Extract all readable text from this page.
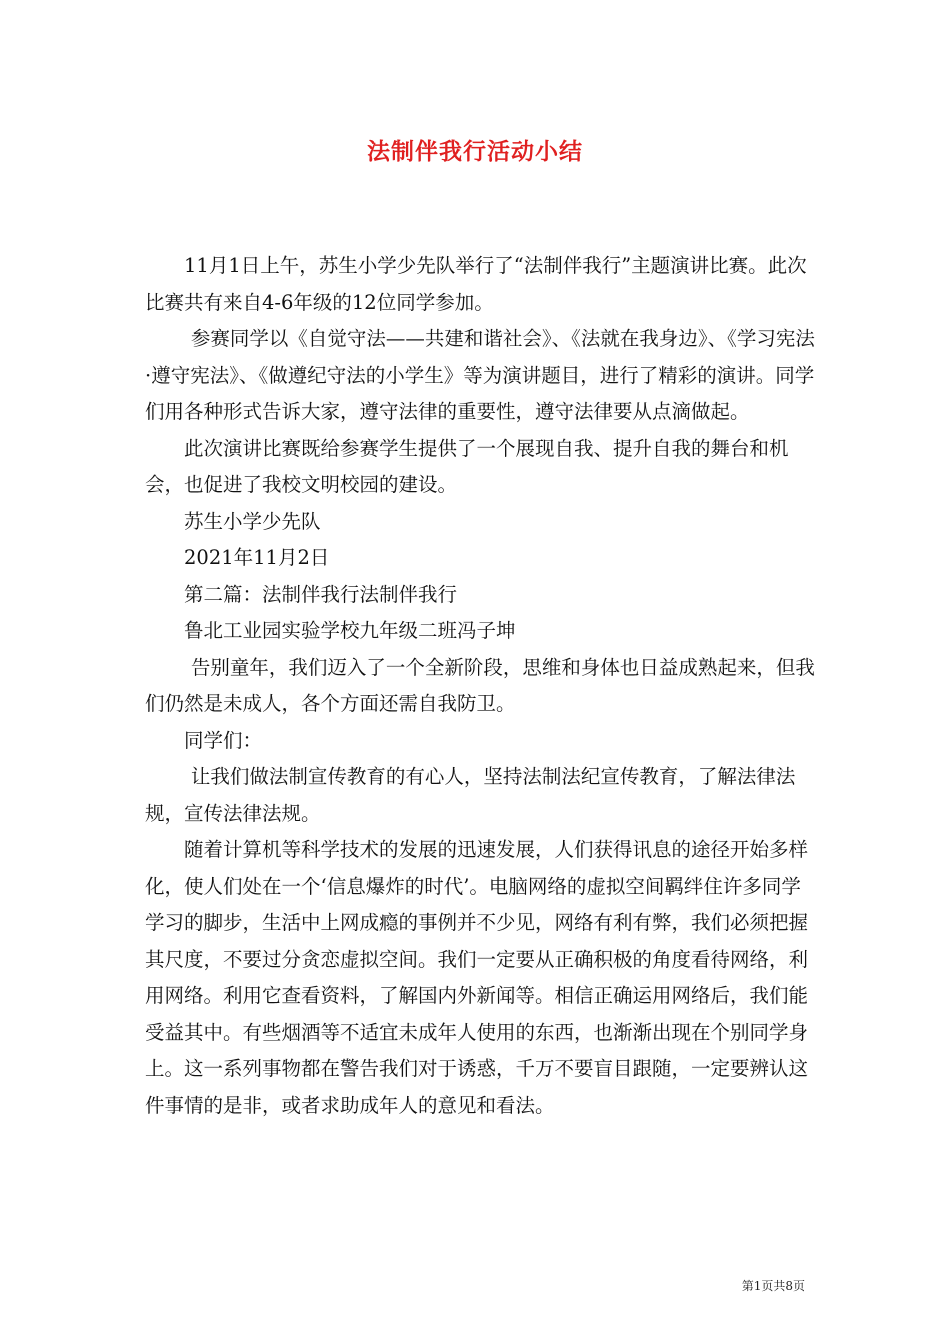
法制伴我行活动小结

11月1日上午，苏生小学少先队举行了“法制伴我行”主题演讲比赛。此次比赛共有来自4-6年级的12位同学参加。

参赛同学以《自觉守法——共建和谐社会》、《法就在我身边》、《学习宪法·遵守宪法》、《做遵纪守法的小学生》等为演讲题目，进行了精彩的演讲。同学们用各种形式告诉大家，遵守法律的重要性，遵守法律要从点滴做起。

此次演讲比赛既给参赛学生提供了一个展现自我、提升自我的舞台和机会，也促进了我校文明校园的建设。

苏生小学少先队

2021年11月2日

第二篇：法制伴我行法制伴我行

鲁北工业园实验学校九年级二班冯子坤

告别童年，我们迈入了一个全新阶段，思维和身体也日益成熟起来，但我们仍然是未成人，各个方面还需自我防卫。

同学们：

让我们做法制宣传教育的有心人，坚持法制法纪宣传教育，了解法律法规，宣传法律法规。

随着计算机等科学技术的发展的迅速发展，人们获得讯息的途径开始多样化，使人们处在一个‘信息爆炸的时代’。电脑网络的虚拟空间羁绊住许多同学学习的脚步，生活中上网成瘾的事例并不少见，网络有利有弊，我们必须把握其尺度，不要过分贪恋虚拟空间。我们一定要从正确积极的角度看待网络，利用网络。利用它查看资料，了解国内外新闻等。相信正确运用网络后，我们能受益其中。有些烟酒等不适宜未成年人使用的东西，也渐渐出现在个别同学身上。这一系列事物都在警告我们对于诱惑，千万不要盲目跟随，一定要辨认这件事情的是非，或者求助成年人的意见和看法。

第1页共8页
